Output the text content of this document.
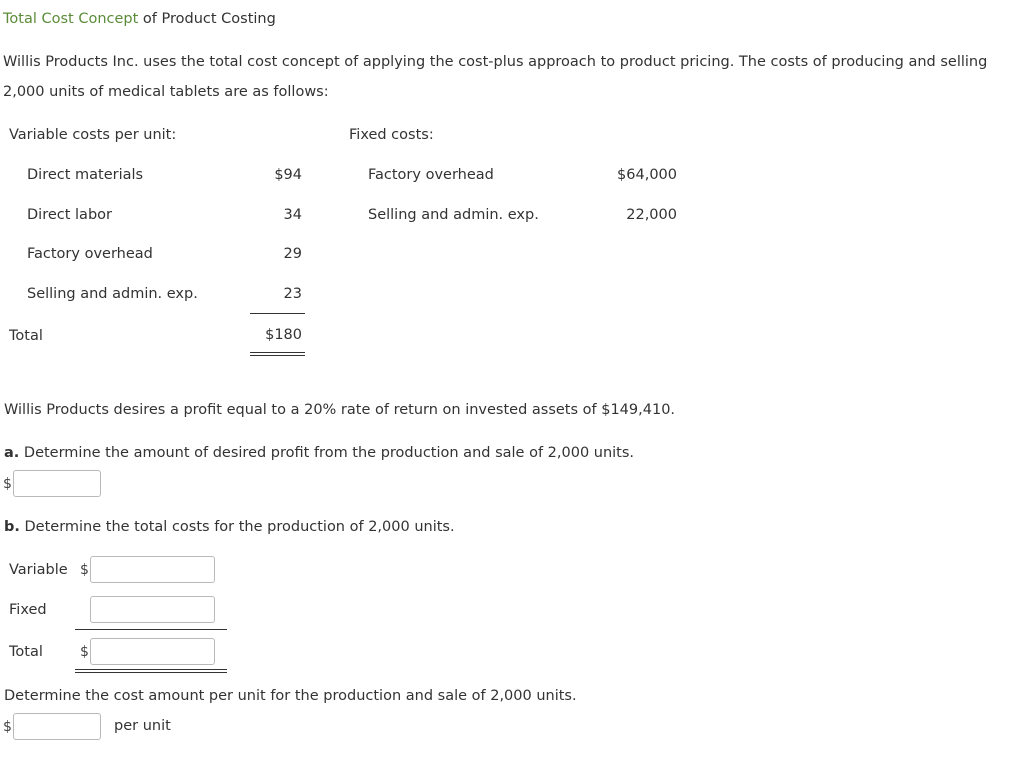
Total Cost Concept of Product Costing
Willis Products Inc. uses the total cost concept of applying the cost-plus approach to product pricing. The costs of producing and selling
2,000 units of medical tablets are as follows:
Variable costs per unit:
Direct materials	$94
Direct labor	34
Factory overhead	29
Selling and admin. exp.	23
Total	$180
Fixed costs:
Factory overhead	$64,000
Selling and admin. exp.	22,000
Willis Products desires a profit equal to a 20% rate of return on invested assets of $149,410.
a. Determine the amount of desired profit from the production and sale of 2,000 units.
$
b. Determine the total costs for the production of 2,000 units.
Variable $
Fixed
Total	$
Determine the cost amount per unit for the production and sale of 2,000 units.
$	per unit
